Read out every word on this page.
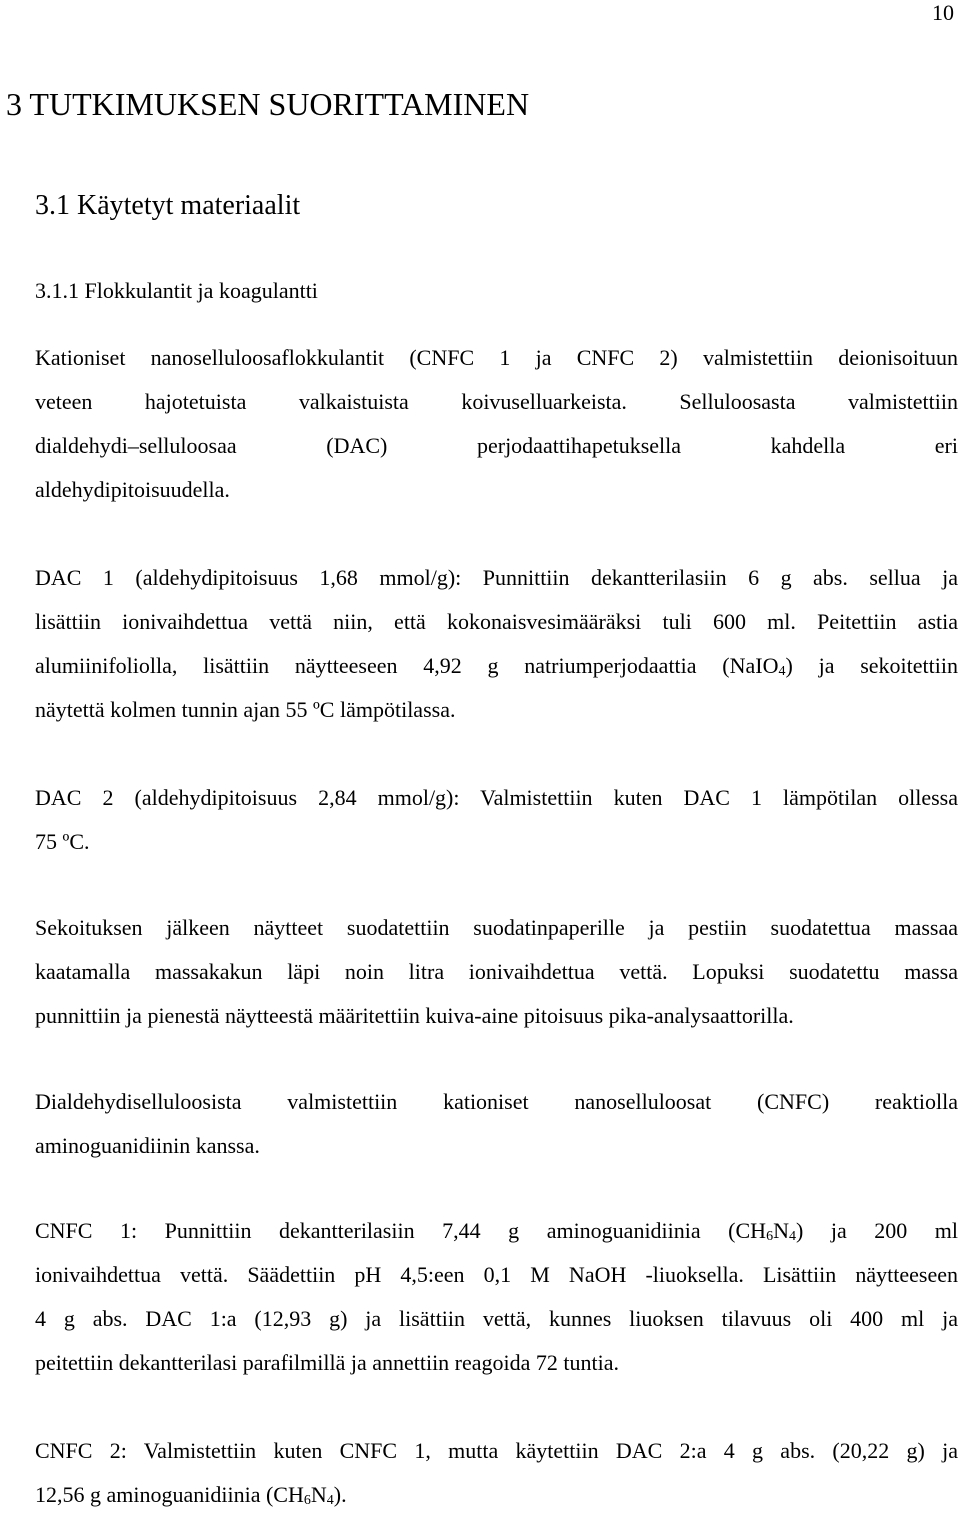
10
3 TUTKIMUKSEN SUORITTAMINEN
3.1 Käytetyt materiaalit
3.1.1 Flokkulantit ja koagulantti
Kationiset nanoselluloosaflokkulantit (CNFC 1 ja CNFC 2) valmistettiin deionisoituun
veteen hajotetuista valkaistuista koivuselluarkeista. Selluloosasta valmistettiin
dialdehydi–selluloosaa (DAC) perjodaattihapetuksella kahdella eri
aldehydipitoisuudella.
DAC 1 (aldehydipitoisuus 1,68 mmol/g): Punnittiin dekantterilasiin 6 g abs. sellua ja
lisättiin ionivaihdettua vettä niin, että kokonaisvesimääräksi tuli 600 ml. Peitettiin astia
alumiinifoliolla, lisättiin näytteeseen 4,92 g natriumperjodaattia (NaIO$_4$) ja sekoitettiin
näytettä kolmen tunnin ajan 55 ºC lämpötilassa.
DAC 2 (aldehydipitoisuus 2,84 mmol/g): Valmistettiin kuten DAC 1 lämpötilan ollessa
75 ºC.
Sekoituksen jälkeen näytteet suodatettiin suodatinpaperille ja pestiin suodatettua massaa
kaatamalla massakakun läpi noin litra ionivaihdettua vettä. Lopuksi suodatettu massa
punnittiin ja pienestä näytteestä määritettiin kuiva-aine pitoisuus pika-analysaattorilla.
Dialdehydiselluloosista valmistettiin kationiset nanoselluloosat (CNFC) reaktiolla
aminoguanidiinin kanssa.
CNFC 1: Punnittiin dekantterilasiin 7,44 g aminoguanidiinia $(CH_6N_4)$ ja 200 ml
ionivaihdettua vettä. Säädettiin pH 4,5:een 0,1 M NaOH -liuoksella. Lisättiin näytteeseen
4 g abs. DAC 1:a (12,93 g) ja lisättiin vettä, kunnes liuoksen tilavuus oli 400 ml ja
peitettiin dekantterilasi parafilmillä ja annettiin reagoida 72 tuntia.
CNFC 2: Valmistettiin kuten CNFC 1, mutta käytettiin DAC 2:a 4 g abs. (20,22 g) ja
12,56 g aminoguanidiinia $(CH_6N_4)$.
